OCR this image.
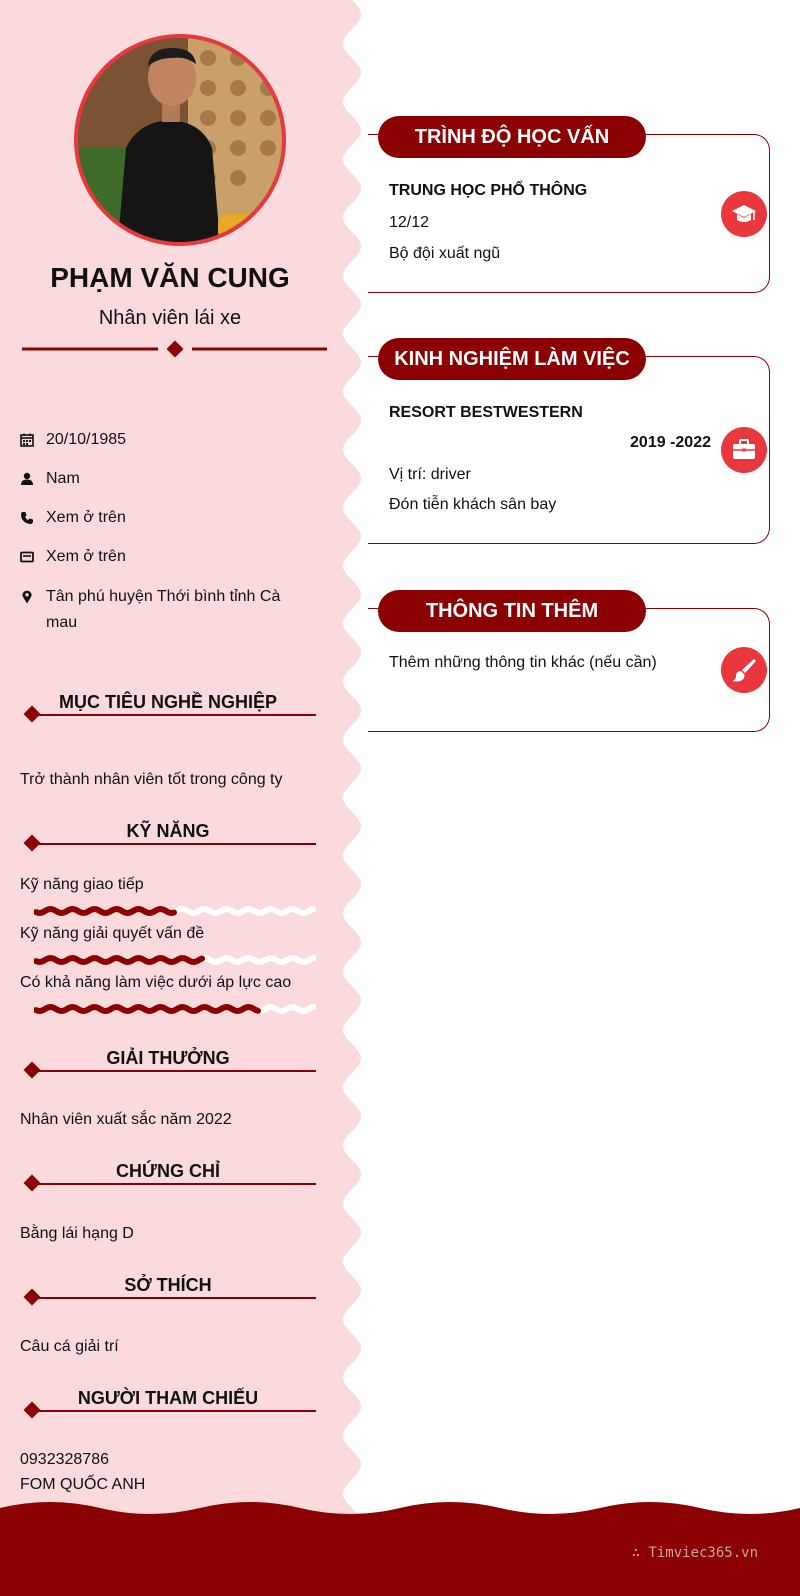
PHẠM VĂN CUNG
Nhân viên lái xe
20/10/1985
Nam
Xem ở trên
Xem ở trên
Tân phú huyện Thới bình tỉnh Cà mau
MỤC TIÊU NGHỀ NGHIỆP
Trở thành nhân viên tốt trong công ty
KỸ NĂNG
Kỹ năng giao tiếp
Kỹ năng giải quyết vấn đề
Có khả năng làm việc dưới áp lực cao
GIẢI THƯỞNG
Nhân viên xuất sắc năm 2022
CHỨNG CHỈ
Bằng lái hạng D
SỞ THÍCH
Câu cá giải trí
NGƯỜI THAM CHIẾU
0932328786
FOM QUỐC ANH
TRÌNH ĐỘ HỌC VẤN
TRUNG HỌC PHỔ THÔNG
12/12
Bộ đội xuất ngũ
KINH NGHIỆM LÀM VIỆC
RESORT BESTWESTERN
2019 -2022
Vị trí: driver
Đón tiễn khách sân bay
THÔNG TIN THÊM
Thêm những thông tin khác (nếu cần)
∴ Timviec365.vn
